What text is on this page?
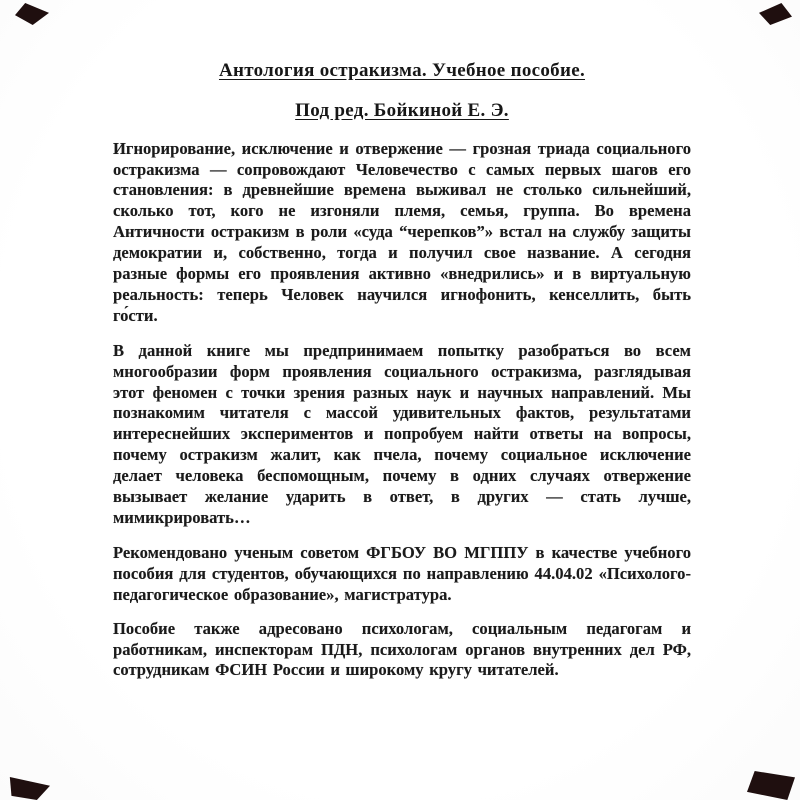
Антология остракизма. Учебное пособие.
Под ред. Бойкиной Е. Э.

Игнорирование, исключение и отвержение — грозная триада социального остракизма — сопровождают Человечество с самых первых шагов его становления: в древнейшие времена выживал не столько сильнейший, сколько тот, кого не изгоняли племя, семья, группа. Во времена Античности остракизм в роли «суда “черепков”» встал на службу защиты демократии и, собственно, тогда и получил свое название. А сегодня разные формы его проявления активно «внедрились» и в виртуальную реальность: теперь Человек научился игнофонить, кенселлить, быть го́сти.

В данной книге мы предпринимаем попытку разобраться во всем многообразии форм проявления социального остракизма, разглядывая этот феномен с точки зрения разных наук и научных направлений. Мы познакомим читателя с массой удивительных фактов, результатами интереснейших экспериментов и попробуем найти ответы на вопросы, почему остракизм жалит, как пчела, почему социальное исключение делает человека беспомощным, почему в одних случаях отвержение вызывает желание ударить в ответ, в других — стать лучше, мимикрировать…

Рекомендовано ученым советом ФГБОУ ВО МГППУ в качестве учебного пособия для студентов, обучающихся по направлению 44.04.02 «Психолого-педагогическое образование», магистратура.

Пособие также адресовано психологам, социальным педагогам и работникам, инспекторам ПДН, психологам органов внутренних дел РФ, сотрудникам ФСИН России и широкому кругу читателей.
